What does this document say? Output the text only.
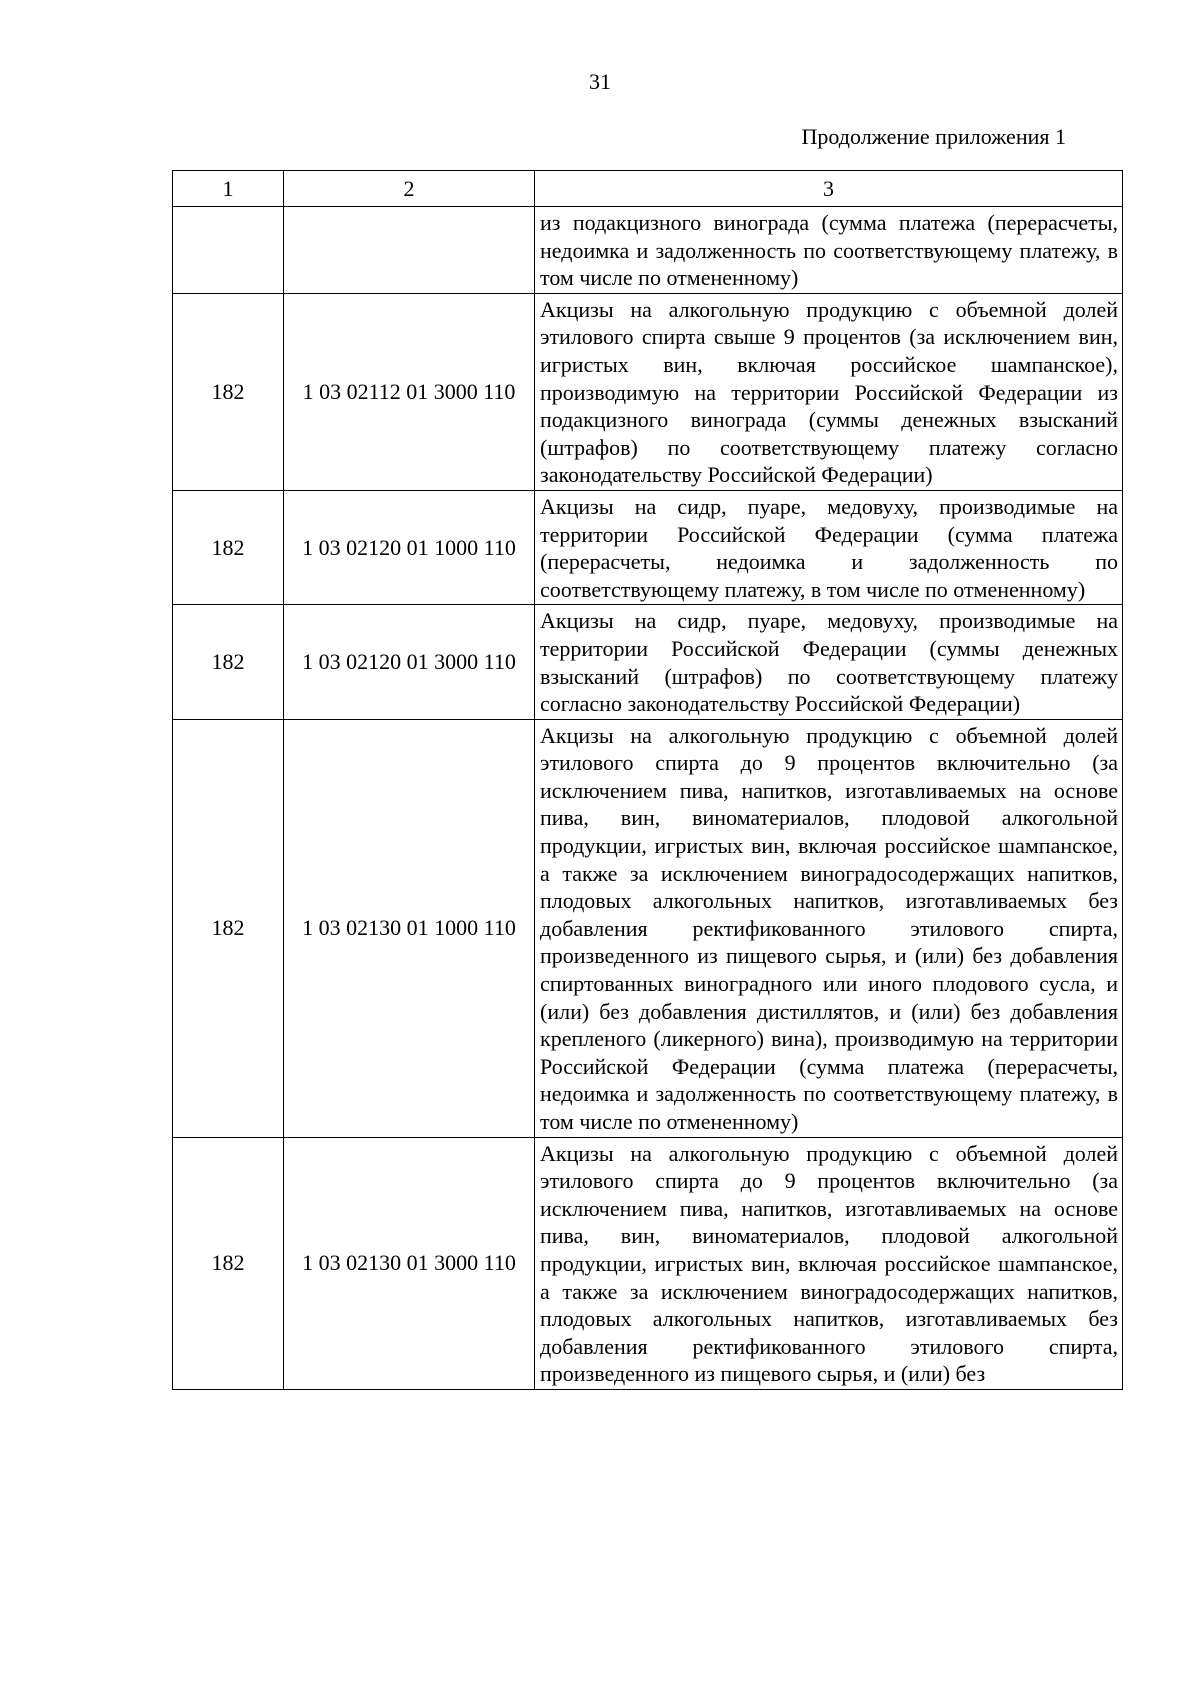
31
Продолжение приложения 1
1	2	3
		из подакцизного винограда (сумма платежа (перерасчеты, недоимка и задолженность по соответствующему платежу, в том числе по отмененному)
182	1 03 02112 01 3000 110	Акцизы на алкогольную продукцию с объемной долей этилового спирта свыше 9 процентов (за исключением вин, игристых вин, включая российское шампанское), производимую на территории Российской Федерации из подакцизного винограда (суммы денежных взысканий (штрафов) по соответствующему платежу согласно законодательству Российской Федерации)
182	1 03 02120 01 1000 110	Акцизы на сидр, пуаре, медовуху, производимые на территории Российской Федерации (сумма платежа (перерасчеты, недоимка и задолженность по соответствующему платежу, в том числе по отмененному)
182	1 03 02120 01 3000 110	Акцизы на сидр, пуаре, медовуху, производимые на территории Российской Федерации (суммы денежных взысканий (штрафов) по соответствующему платежу согласно законодательству Российской Федерации)
182	1 03 02130 01 1000 110	Акцизы на алкогольную продукцию с объемной долей этилового спирта до 9 процентов включительно (за исключением пива, напитков, изготавливаемых на основе пива, вин, виноматериалов, плодовой алкогольной продукции, игристых вин, включая российское шампанское, а также за исключением виноградосодержащих напитков, плодовых алкогольных напитков, изготавливаемых без добавления ректификованного этилового спирта, произведенного из пищевого сырья, и (или) без добавления спиртованных виноградного или иного плодового сусла, и (или) без добавления дистиллятов, и (или) без добавления крепленого (ликерного) вина), производимую на территории Российской Федерации (сумма платежа (перерасчеты, недоимка и задолженность по соответствующему платежу, в том числе по отмененному)
182	1 03 02130 01 3000 110	Акцизы на алкогольную продукцию с объемной долей этилового спирта до 9 процентов включительно (за исключением пива, напитков, изготавливаемых на основе пива, вин, виноматериалов, плодовой алкогольной продукции, игристых вин, включая российское шампанское, а также за исключением виноградосодержащих напитков, плодовых алкогольных напитков, изготавливаемых без добавления ректификованного этилового спирта, произведенного из пищевого сырья, и (или) без
